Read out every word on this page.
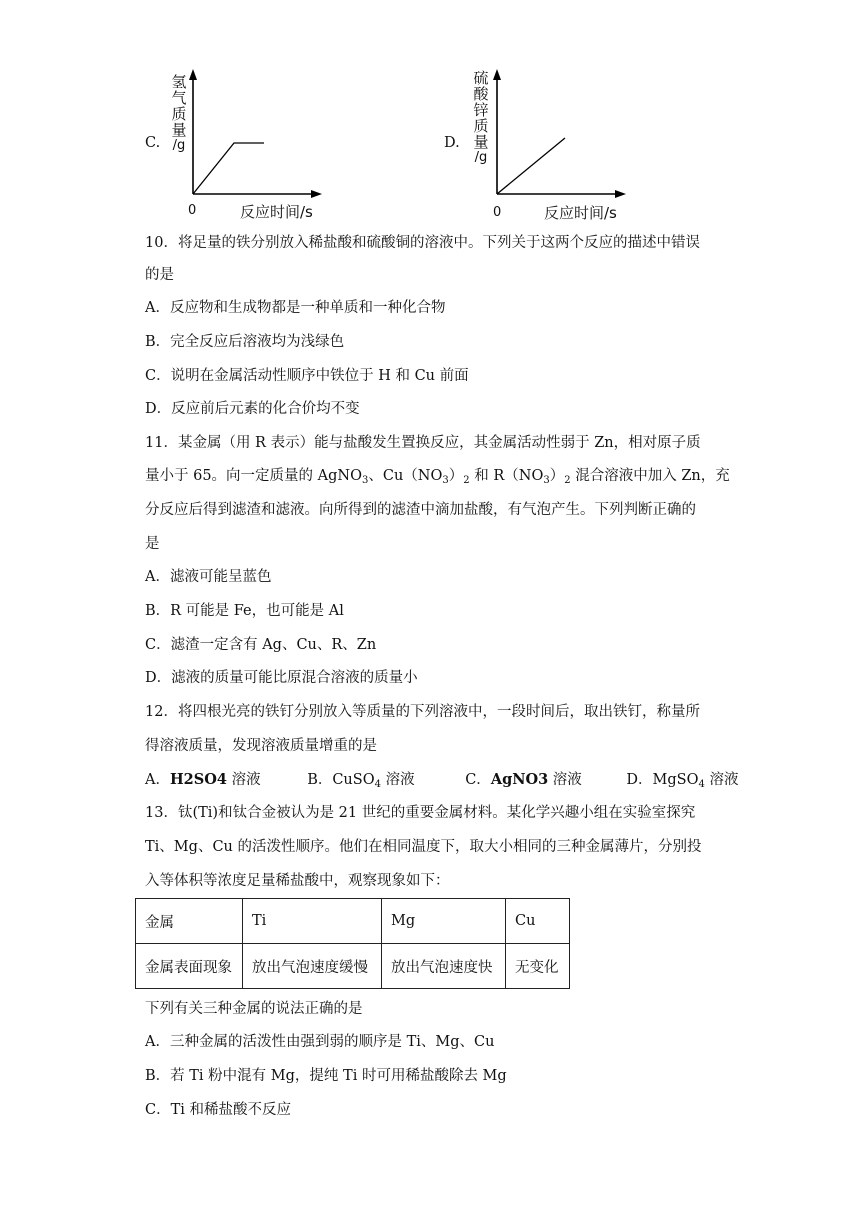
C.
氢
气
质
量
/g
0	反应时间/s
D.
硫
酸
锌
质
量
/g
0	反应时间/s
10．将足量的铁分别放入稀盐酸和硫酸铜的溶液中。下列关于这两个反应的描述中错误
的是
A．反应物和生成物都是一种单质和一种化合物
B．完全反应后溶液均为浅绿色
C．说明在金属活动性顺序中铁位于 H 和 Cu 前面
D．反应前后元素的化合价均不变
11．某金属（用 R 表示）能与盐酸发生置换反应，其金属活动性弱于 Zn，相对原子质
量小于 65。向一定质量的 AgNO$_3$、$Cu(NO_3)_2$ 和 $R(NO_3)_2$ 混合溶液中加入 Zn，充
分反应后得到滤渣和滤液。向所得到的滤渣中滴加盐酸，有气泡产生。下列判断正确的
是
A．滤液可能呈蓝色
B．R 可能是 Fe，也可能是 Al
C．滤渣一定含有 Ag、Cu、R、Zn
D．滤液的质量可能比原混合溶液的质量小
12．将四根光亮的铁钉分别放入等质量的下列溶液中，一段时间后，取出铁钉，称量所
得溶液质量，发现溶液质量增重的是
A．H2SO4 溶液	B．CuSO$_4$ 溶液	C．AgNO3 溶液	D．MgSO$_4$ 溶液
13．钛(Ti)和钛合金被认为是 21 世纪的重要金属材料。某化学兴趣小组在实验室探究
Ti、Mg、Cu 的活泼性顺序。他们在相同温度下，取大小相同的三种金属薄片，分别投
入等体积等浓度足量稀盐酸中，观察现象如下：
金属	Ti	Mg	Cu
金属表面现象	放出气泡速度缓慢	放出气泡速度快	无变化
下列有关三种金属的说法正确的是
A．三种金属的活泼性由强到弱的顺序是 Ti、Mg、Cu
B．若 Ti 粉中混有 Mg，提纯 Ti 时可用稀盐酸除去 Mg
C．Ti 和稀盐酸不反应
